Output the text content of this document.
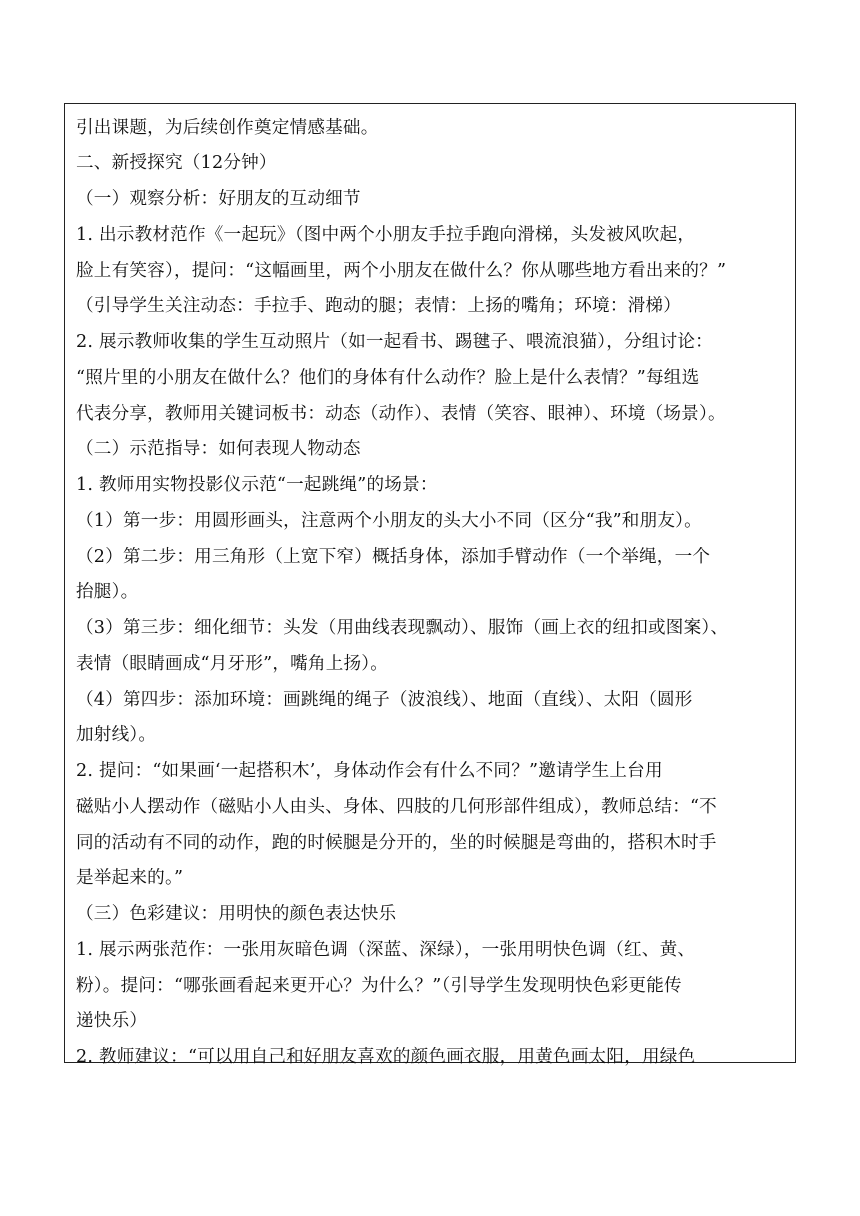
引出课题，为后续创作奠定情感基础。
二、新授探究（12分钟）
（一）观察分析：好朋友的互动细节
1. 出示教材范作《一起玩》（图中两个小朋友手拉手跑向滑梯，头发被风吹起，
脸上有笑容），提问：“这幅画里，两个小朋友在做什么？你从哪些地方看出来的？”
（引导学生关注动态：手拉手、跑动的腿；表情：上扬的嘴角；环境：滑梯）
2. 展示教师收集的学生互动照片（如一起看书、踢毽子、喂流浪猫），分组讨论：
“照片里的小朋友在做什么？他们的身体有什么动作？脸上是什么表情？”每组选
代表分享，教师用关键词板书：动态（动作）、表情（笑容、眼神）、环境（场景）。
（二）示范指导：如何表现人物动态
1. 教师用实物投影仪示范“一起跳绳”的场景：
（1）第一步：用圆形画头，注意两个小朋友的头大小不同（区分“我”和朋友）。
（2）第二步：用三角形（上宽下窄）概括身体，添加手臂动作（一个举绳，一个
抬腿）。
（3）第三步：细化细节：头发（用曲线表现飘动）、服饰（画上衣的纽扣或图案）、
表情（眼睛画成“月牙形”，嘴角上扬）。
（4）第四步：添加环境：画跳绳的绳子（波浪线）、地面（直线）、太阳（圆形
加射线）。
2. 提问：“如果画‘一起搭积木’，身体动作会有什么不同？”邀请学生上台用
磁贴小人摆动作（磁贴小人由头、身体、四肢的几何形部件组成），教师总结：“不
同的活动有不同的动作，跑的时候腿是分开的，坐的时候腿是弯曲的，搭积木时手
是举起来的。”
（三）色彩建议：用明快的颜色表达快乐
1. 展示两张范作：一张用灰暗色调（深蓝、深绿），一张用明快色调（红、黄、
粉）。提问：“哪张画看起来更开心？为什么？”（引导学生发现明快色彩更能传
递快乐）
2. 教师建议：“可以用自己和好朋友喜欢的颜色画衣服，用黄色画太阳，用绿色
